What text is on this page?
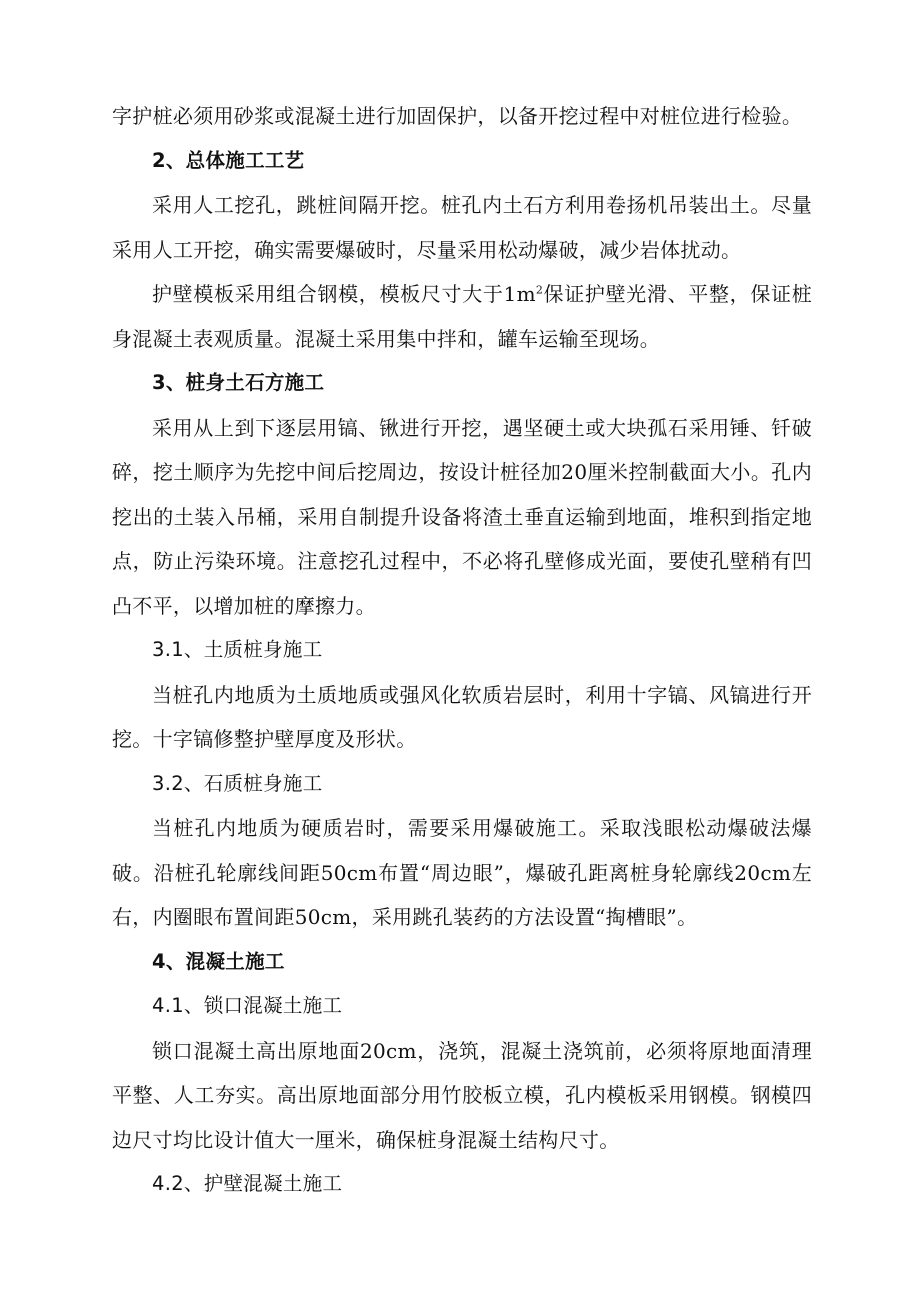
字护桩必须用砂浆或混凝土进行加固保护，以备开挖过程中对桩位进行检验。

2、总体施工工艺

采用人工挖孔，跳桩间隔开挖。桩孔内土石方利用卷扬机吊装出土。尽量采用人工开挖，确实需要爆破时，尽量采用松动爆破，减少岩体扰动。

护壁模板采用组合钢模，模板尺寸大于$1m^2$保证护壁光滑、平整，保证桩身混凝土表观质量。混凝土采用集中拌和，罐车运输至现场。

3、桩身土石方施工

采用从上到下逐层用镐、锹进行开挖，遇坚硬土或大块孤石采用锤、钎破碎，挖土顺序为先挖中间后挖周边，按设计桩径加20厘米控制截面大小。孔内挖出的土装入吊桶，采用自制提升设备将渣土垂直运输到地面，堆积到指定地点，防止污染环境。注意挖孔过程中，不必将孔壁修成光面，要使孔壁稍有凹凸不平，以增加桩的摩擦力。

3.1、土质桩身施工

当桩孔内地质为土质地质或强风化软质岩层时，利用十字镐、风镐进行开挖。十字镐修整护壁厚度及形状。

3.2、石质桩身施工

当桩孔内地质为硬质岩时，需要采用爆破施工。采取浅眼松动爆破法爆破。沿桩孔轮廓线间距50cm布置“周边眼”，爆破孔距离桩身轮廓线20cm左右，内圈眼布置间距50cm，采用跳孔装药的方法设置“掏槽眼”。

4、混凝土施工

4.1、锁口混凝土施工

锁口混凝土高出原地面20cm，浇筑，混凝土浇筑前，必须将原地面清理平整、人工夯实。高出原地面部分用竹胶板立模，孔内模板采用钢模。钢模四边尺寸均比设计值大一厘米，确保桩身混凝土结构尺寸。

4.2、护壁混凝土施工
